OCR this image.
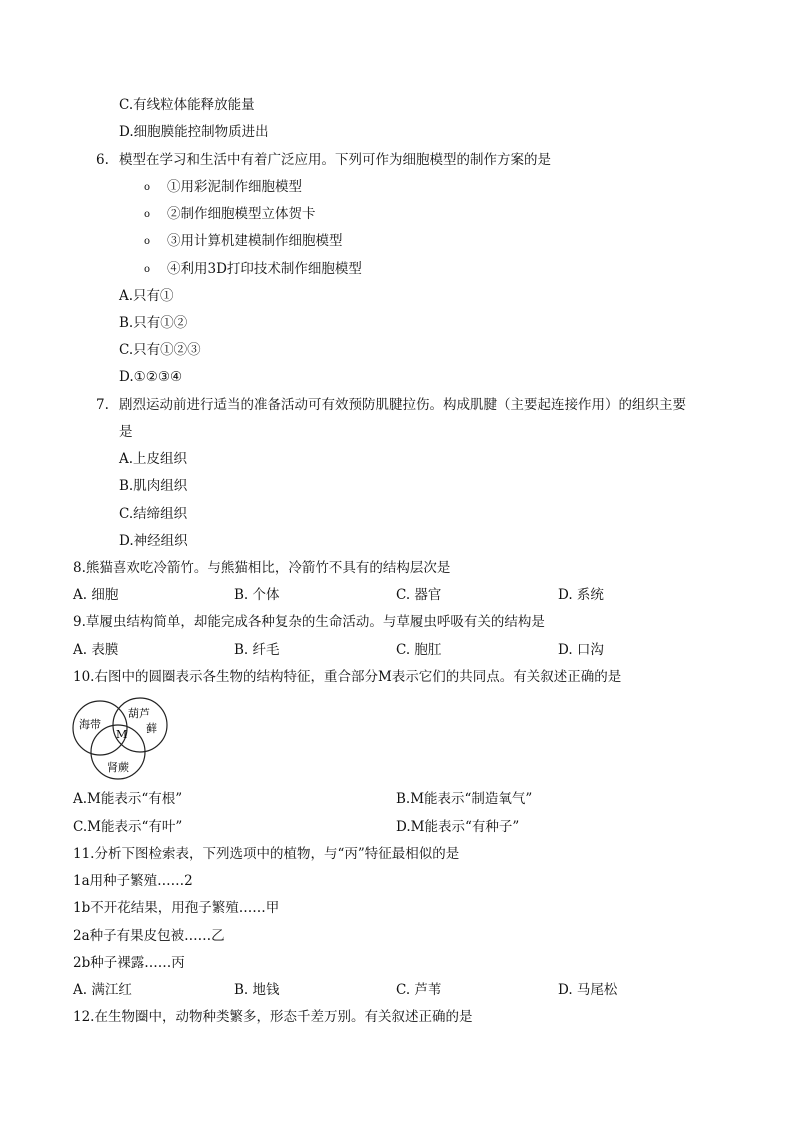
C.有线粒体能释放能量
D.细胞膜能控制物质进出
6. 模型在学习和生活中有着广泛应用。下列可作为细胞模型的制作方案的是
o ①用彩泥制作细胞模型
o ②制作细胞模型立体贺卡
o ③用计算机建模制作细胞模型
o ④利用3D打印技术制作细胞模型
A.只有①
B.只有①②
C.只有①②③
D.①②③④
7. 剧烈运动前进行适当的准备活动可有效预防肌腱拉伤。构成肌腱（主要起连接作用）的组织主要
是
A.上皮组织
B.肌肉组织
C.结缔组织
D.神经组织
8.熊猫喜欢吃冷箭竹。与熊猫相比，冷箭竹不具有的结构层次是
A. 细胞	B. 个体	C. 器官	D. 系统
9.草履虫结构简单，却能完成各种复杂的生命活动。与草履虫呼吸有关的结构是
A. 表膜	B. 纤毛	C. 胞肛	D. 口沟
10.右图中的圆圈表示各生物的结构特征，重合部分M表示它们的共同点。有关叙述正确的是
海带
葫芦
藓
肾蕨
M
A.M能表示“有根”	B.M能表示“制造氧气”
C.M能表示“有叶”	D.M能表示“有种子”
11.分析下图检索表，下列选项中的植物，与“丙”特征最相似的是
1a用种子繁殖……2
1b不开花结果，用孢子繁殖……甲
2a种子有果皮包被……乙
2b种子裸露……丙
A. 满江红	B. 地钱	C. 芦苇	D. 马尾松
12.在生物圈中，动物种类繁多，形态千差万别。有关叙述正确的是
